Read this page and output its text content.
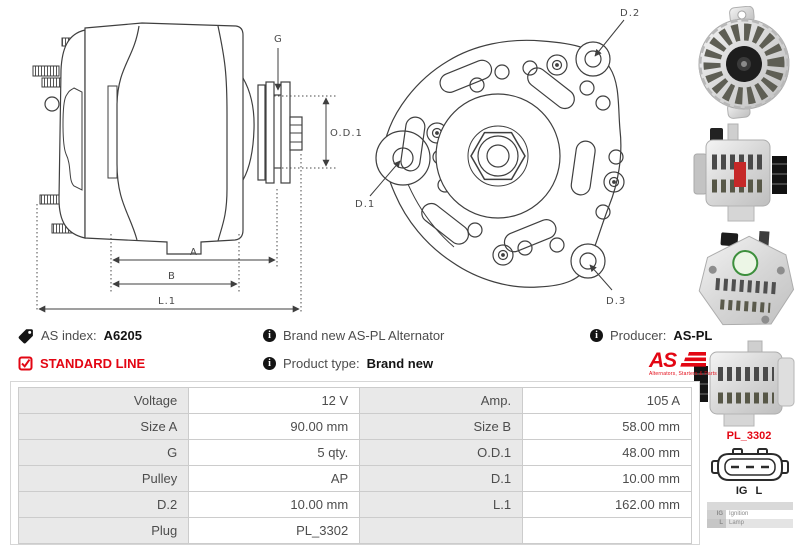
G
O.D.1
A
B
L.1
D.2
D.1
D.3
AS index: A6205
STANDARD LINE
i Brand new AS-PL Alternator
i Product type: Brand new
i Producer: AS-PL
AS
Alternators, Starters & Parts
Voltage	12 V	Amp.	105 A
Size A	90.00 mm	Size B	58.00 mm
G	5 qty.	O.D.1	48.00 mm
Pulley	AP	D.1	10.00 mm
D.2	10.00 mm	L.1	162.00 mm
Plug	PL_3302		
PL_3302
IG L

IG	Ignition
L	Lamp
